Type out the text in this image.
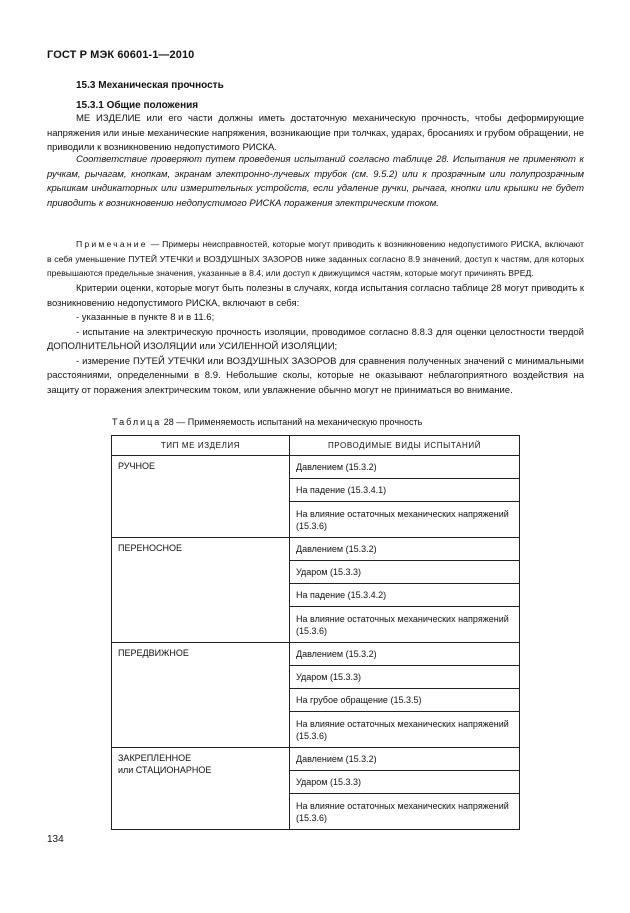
ГОСТ Р МЭК 60601-1—2010
15.3 Механическая прочность
15.3.1 Общие положения

МЕ ИЗДЕЛИЕ или его части должны иметь достаточную механическую прочность, чтобы деформирующие напряжения или иные механические напряжения, возникающие при толчках, ударах, бросаниях и грубом обращении, не приводили к возникновению недопустимого РИСКА.

Соответствие проверяют путем проведения испытаний согласно таблице 28. Испытания не применяют к ручкам, рычагам, кнопкам, экранам электронно-лучевых трубок (см. 9.5.2) или к прозрачным или полупрозрачным крышкам индикаторных или измерительных устройств, если удаление ручки, рычага, кнопки или крышки не будет приводить к возникновению недопустимого РИСКА поражения электрическим током.

Примечание — Примеры неисправностей, которые могут приводить к возникновению недопустимого РИСКА, включают в себя уменьшение ПУТЕЙ УТЕЧКИ и ВОЗДУШНЫХ ЗАЗОРОВ ниже заданных согласно 8.9 значений, доступ к частям, для которых превышаются предельные значения, указанные в 8.4, или доступ к движущимся частям, которые могут причинять ВРЕД.

Критерии оценки, которые могут быть полезны в случаях, когда испытания согласно таблице 28 могут приводить к возникновению недопустимого РИСКА, включают в себя:

- указанные в пункте 8 и в 11.6;

- испытание на электрическую прочность изоляции, проводимое согласно 8.8.3 для оценки целостности твердой ДОПОЛНИТЕЛЬНОЙ ИЗОЛЯЦИИ или УСИЛЕННОЙ ИЗОЛЯЦИИ;

- измерение ПУТЕЙ УТЕЧКИ или ВОЗДУШНЫХ ЗАЗОРОВ для сравнения полученных значений с минимальными расстояниями, определенными в 8.9. Небольшие сколы, которые не оказывают неблагоприятного воздействия на защиту от поражения электрическим током, или увлажнение обычно могут не приниматься во внимание.

Таблица 28 — Применяемость испытаний на механическую прочность
ТИП МЕ ИЗДЕЛИЯ	ПРОВОДИМЫЕ ВИДЫ ИСПЫТАНИЙ
РУЧНОЕ	Давлением (15.3.2)
	На падение (15.3.4.1)
	На влияние остаточных механических напряжений (15.3.6)
ПЕРЕНОСНОЕ	Давлением (15.3.2)
	Ударом (15.3.3)
	На падение (15.3.4.2)
	На влияние остаточных механических напряжений (15.3.6)
ПЕРЕДВИЖНОЕ	Давлением (15.3.2)
	Ударом (15.3.3)
	На грубое обращение (15.3.5)
	На влияние остаточных механических напряжений (15.3.6)
ЗАКРЕПЛЕННОЕ
или СТАЦИОНАРНОЕ	Давлением (15.3.2)
	Ударом (15.3.3)
	На влияние остаточных механических напряжений (15.3.6)
134
